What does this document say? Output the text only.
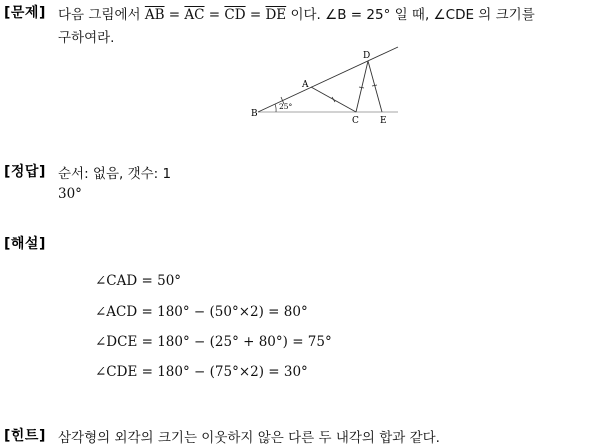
[문제] 다음 그림에서 $\overline{AB} = \overline{AC} = \overline{CD} = \overline{DE}$ 이다. ∠B = 25° 일 때, ∠CDE 의 크기를
구하여라.
D
A
B
C E
25°
[정답] 순서: 없음, 갯수: 1
30°
[해설]
∠CAD = 50°
∠ACD = 180° − (50°×2) = 80°
∠DCE = 180° − (25° + 80°) = 75°
∠CDE = 180° − (75°×2) = 30°
[힌트] 삼각형의 외각의 크기는 이웃하지 않은 다른 두 내각의 합과 같다.
